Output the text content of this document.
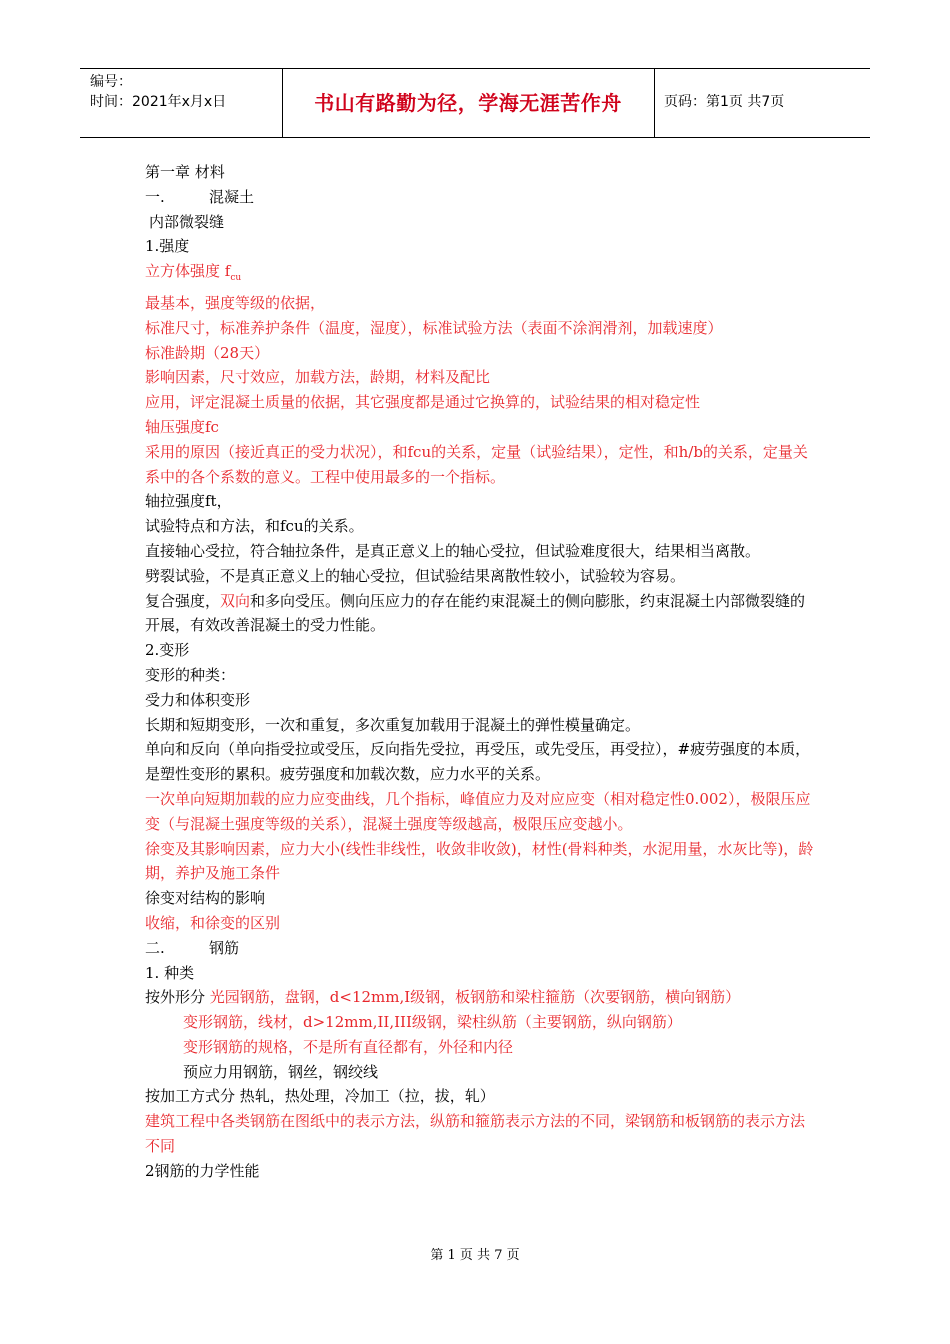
编号：
时间：2021年x月x日	书山有路勤为径，学海无涯苦作舟	页码：第1页 共7页
第一章 材料
一.	混凝土
内部微裂缝
1.强度
立方体强度 $f_{cu}$
最基本，强度等级的依据，
标准尺寸，标准养护条件（温度，湿度），标准试验方法（表面不涂润滑剂，加载速度）
标准龄期（28天）
影响因素，尺寸效应，加载方法，龄期，材料及配比
应用，评定混凝土质量的依据，其它强度都是通过它换算的，试验结果的相对稳定性
轴压强度fc
采用的原因（接近真正的受力状况），和fcu的关系，定量（试验结果），定性，和h/b的关系，定量关系中的各个系数的意义。工程中使用最多的一个指标。
轴拉强度ft，
试验特点和方法，和fcu的关系。
直接轴心受拉，符合轴拉条件，是真正意义上的轴心受拉，但试验难度很大，结果相当离散。
劈裂试验，不是真正意义上的轴心受拉，但试验结果离散性较小，试验较为容易。
复合强度，双向和多向受压。侧向压应力的存在能约束混凝土的侧向膨胀，约束混凝土内部微裂缝的开展，有效改善混凝土的受力性能。
2.变形
变形的种类：
受力和体积变形
长期和短期变形，一次和重复，多次重复加载用于混凝土的弹性模量确定。
单向和反向（单向指受拉或受压，反向指先受拉，再受压，或先受压，再受拉），#疲劳强度的本质，是塑性变形的累积。疲劳强度和加载次数，应力水平的关系。
一次单向短期加载的应力应变曲线，几个指标，峰值应力及对应应变（相对稳定性0.002），极限压应变（与混凝土强度等级的关系），混凝土强度等级越高，极限压应变越小。
徐变及其影响因素，应力大小(线性非线性，收敛非收敛)，材性(骨料种类，水泥用量，水灰比等)，龄期，养护及施工条件
徐变对结构的影响
收缩，和徐变的区别
二.	钢筋
1. 种类
按外形分 光园钢筋，盘钢，d<12mm,I级钢，板钢筋和梁柱箍筋（次要钢筋，横向钢筋）
变形钢筋，线材，d>12mm,II,III级钢，梁柱纵筋（主要钢筋，纵向钢筋）
变形钢筋的规格，不是所有直径都有，外径和内径
预应力用钢筋，钢丝，钢绞线
按加工方式分 热轧，热处理，冷加工（拉，拔，轧）
建筑工程中各类钢筋在图纸中的表示方法，纵筋和箍筋表示方法的不同，梁钢筋和板钢筋的表示方法不同
2钢筋的力学性能
第 1 页 共 7 页
